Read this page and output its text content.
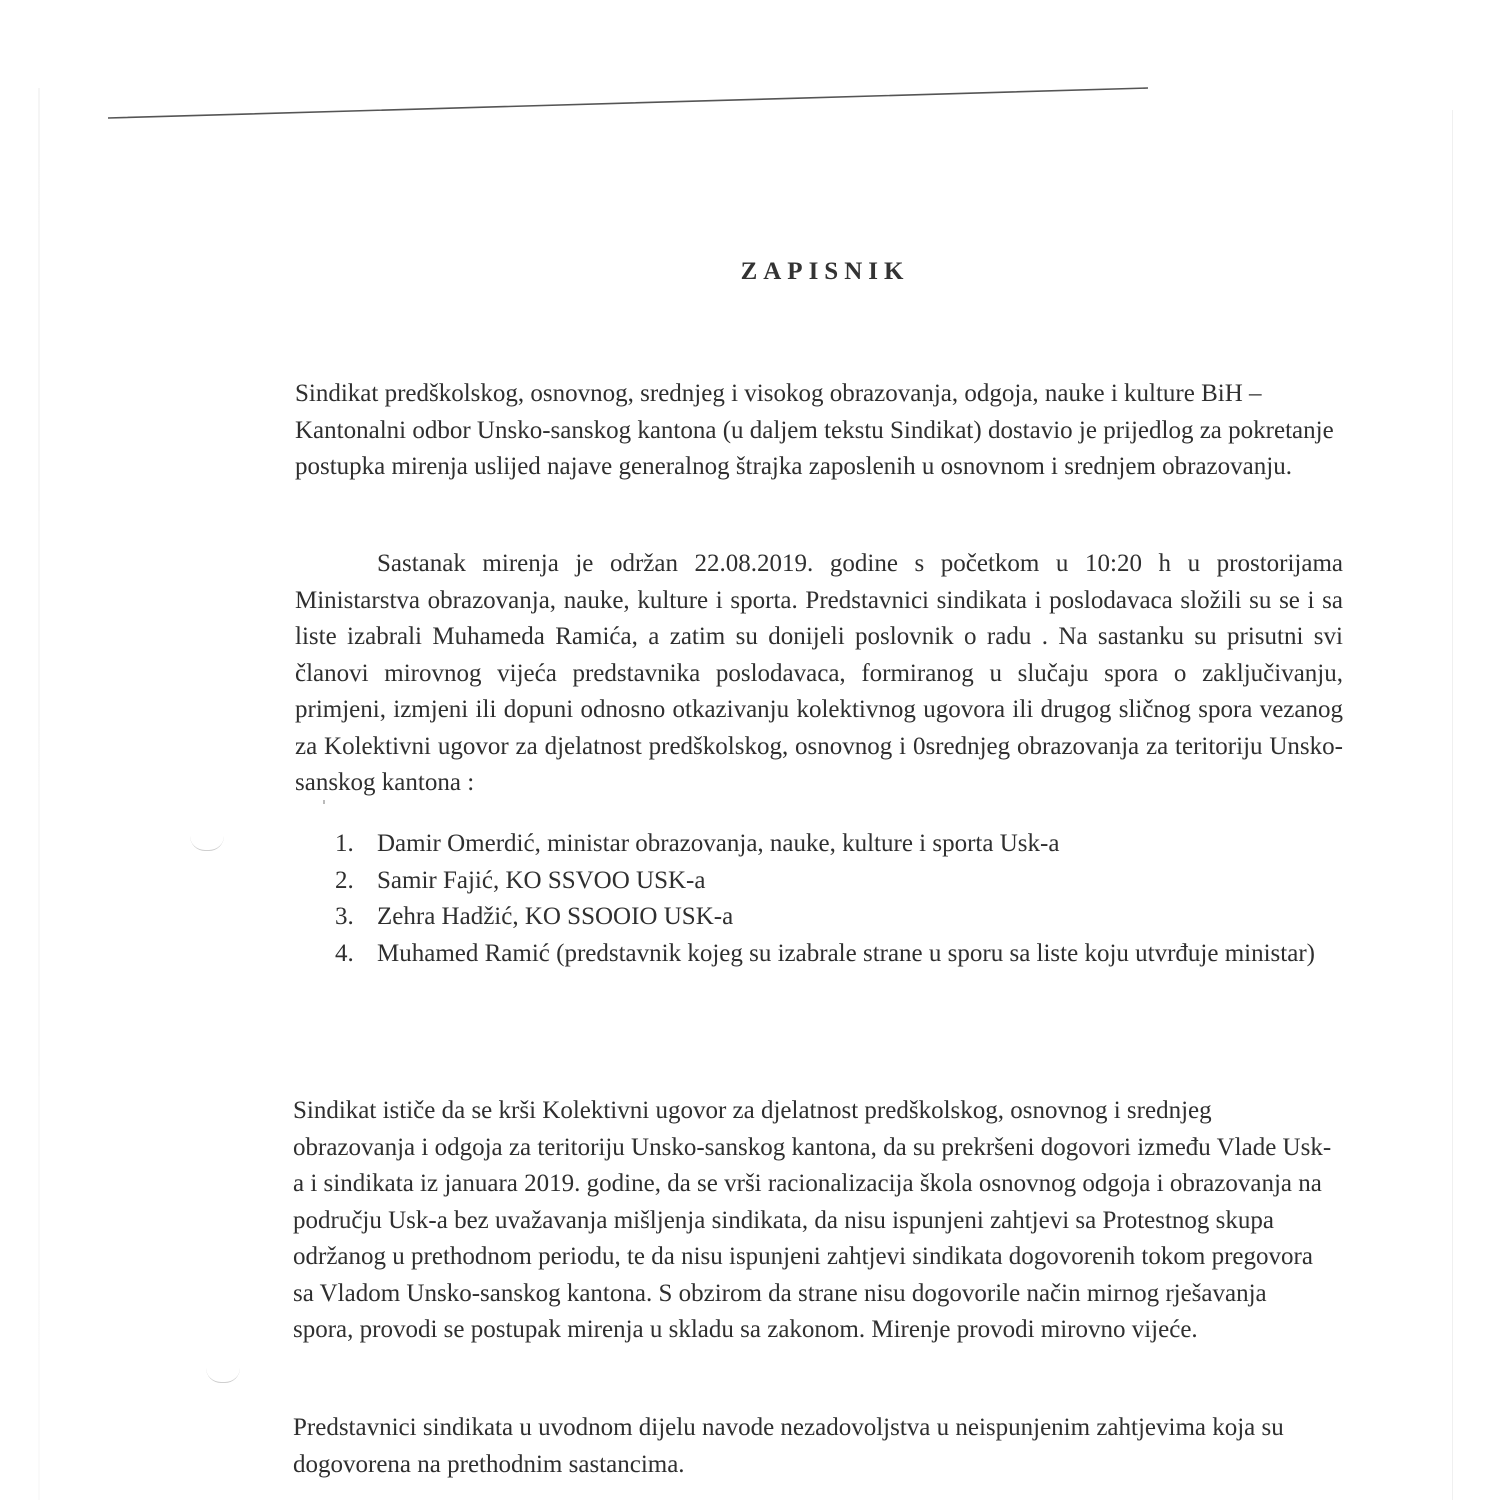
ZAPISNIK

Sindikat predškolskog, osnovnog, srednjeg i visokog obrazovanja, odgoja, nauke i kulture BiH – Kantonalni odbor Unsko-sanskog kantona (u daljem tekstu Sindikat) dostavio je prijedlog za pokretanje postupka mirenja uslijed najave generalnog štrajka zaposlenih u osnovnom i srednjem obrazovanju.

Sastanak mirenja je održan 22.08.2019. godine s početkom u 10:20 h u prostorijama Ministarstva obrazovanja, nauke, kulture i sporta. Predstavnici sindikata i poslodavaca složili su se i sa liste izabrali Muhameda Ramića, a zatim su donijeli poslovnik o radu . Na sastanku su prisutni svi članovi mirovnog vijeća predstavnika poslodavaca, formiranog u slučaju spora o zaključivanju, primjeni, izmjeni ili dopuni odnosno otkazivanju kolektivnog ugovora ili drugog sličnog spora vezanog za Kolektivni ugovor za djelatnost predškolskog, osnovnog i 0srednjeg obrazovanja za teritoriju Unsko-sanskog kantona :

1. Damir Omerdić, ministar obrazovanja, nauke, kulture i sporta Usk-a
2. Samir Fajić, KO SSVOO USK-a
3. Zehra Hadžić, KO SSOOIO USK-a
4. Muhamed Ramić (predstavnik kojeg su izabrale strane u sporu sa liste koju utvrđuje ministar)

Sindikat ističe da se krši Kolektivni ugovor za djelatnost predškolskog, osnovnog i srednjeg obrazovanja i odgoja za teritoriju Unsko-sanskog kantona, da su prekršeni dogovori između Vlade Usk-a i sindikata iz januara 2019. godine, da se vrši racionalizacija škola osnovnog odgoja i obrazovanja na području Usk-a bez uvažavanja mišljenja sindikata, da nisu ispunjeni zahtjevi sa Protestnog skupa održanog u prethodnom periodu, te da nisu ispunjeni zahtjevi sindikata dogovorenih tokom pregovora sa Vladom Unsko-sanskog kantona. S obzirom da strane nisu dogovorile način mirnog rješavanja spora, provodi se postupak mirenja u skladu sa zakonom. Mirenje provodi mirovno vijeće.

Predstavnici sindikata u uvodnom dijelu navode nezadovoljstva u neispunjenim zahtjevima koja su dogovorena na prethodnim sastancima.
